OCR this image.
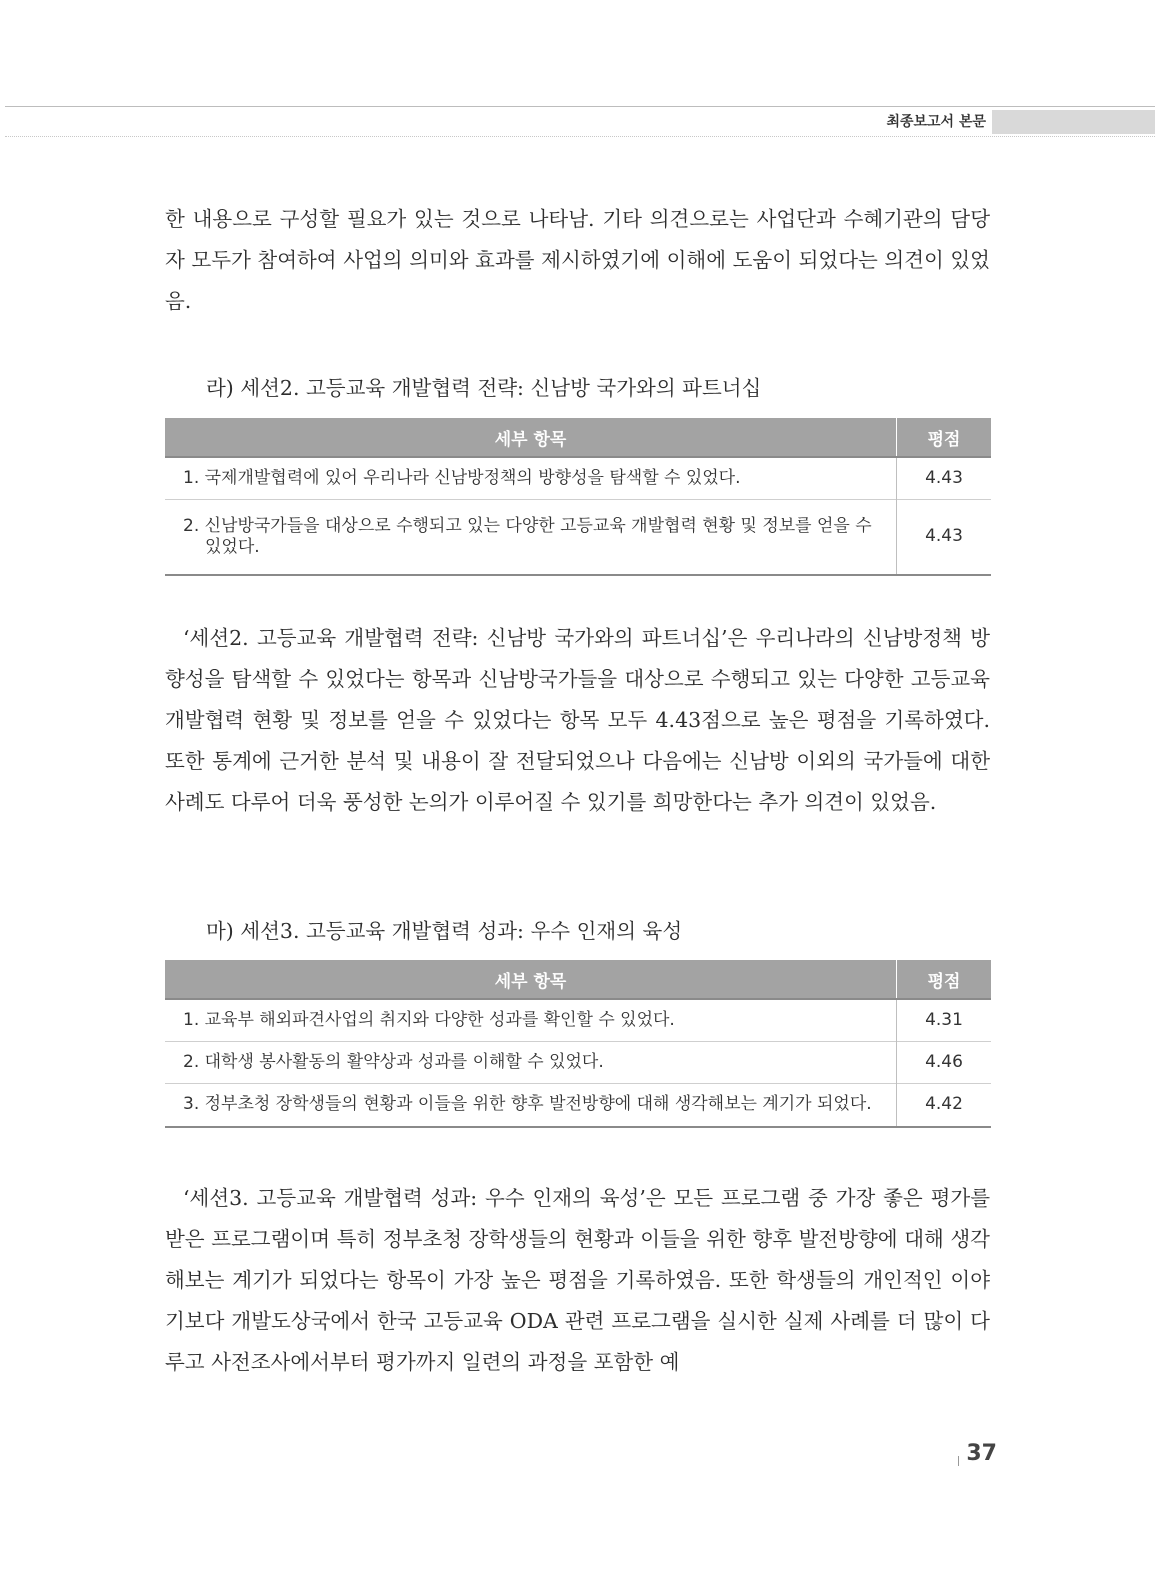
최종보고서 본문

한 내용으로 구성할 필요가 있는 것으로 나타남. 기타 의견으로는 사업단과 수혜기관의 담당자 모두가 참여하여 사업의 의미와 효과를 제시하였기에 이해에 도움이 되었다는 의견이 있었음.

라) 세션2. 고등교육 개발협력 전략: 신남방 국가와의 파트너십

세부 항목	평점

1. 국제개발협력에 있어 우리나라 신남방정책의 방향성을 탐색할 수 있었다.	4.43

2. 신남방국가들을 대상으로 수행되고 있는 다양한 고등교육 개발협력 현황 및 정보를 얻을 수 있었다.	4.43

‘세션2. 고등교육 개발협력 전략: 신남방 국가와의 파트너십’은 우리나라의 신남방정책 방향성을 탐색할 수 있었다는 항목과 신남방국가들을 대상으로 수행되고 있는 다양한 고등교육 개발협력 현황 및 정보를 얻을 수 있었다는 항목 모두 4.43점으로 높은 평점을 기록하였다. 또한 통계에 근거한 분석 및 내용이 잘 전달되었으나 다음에는 신남방 이외의 국가들에 대한 사례도 다루어 더욱 풍성한 논의가 이루어질 수 있기를 희망한다는 추가 의견이 있었음.

마) 세션3. 고등교육 개발협력 성과: 우수 인재의 육성

세부 항목	평점

1. 교육부 해외파견사업의 취지와 다양한 성과를 확인할 수 있었다.	4.31

2. 대학생 봉사활동의 활약상과 성과를 이해할 수 있었다.	4.46

3. 정부초청 장학생들의 현황과 이들을 위한 향후 발전방향에 대해 생각해보는 계기가 되었다.	4.42

‘세션3. 고등교육 개발협력 성과: 우수 인재의 육성’은 모든 프로그램 중 가장 좋은 평가를 받은 프로그램이며 특히 정부초청 장학생들의 현황과 이들을 위한 향후 발전방향에 대해 생각해보는 계기가 되었다는 항목이 가장 높은 평점을 기록하였음. 또한 학생들의 개인적인 이야기보다 개발도상국에서 한국 고등교육 ODA 관련 프로그램을 실시한 실제 사례를 더 많이 다루고 사전조사에서부터 평가까지 일련의 과정을 포함한 예

37
